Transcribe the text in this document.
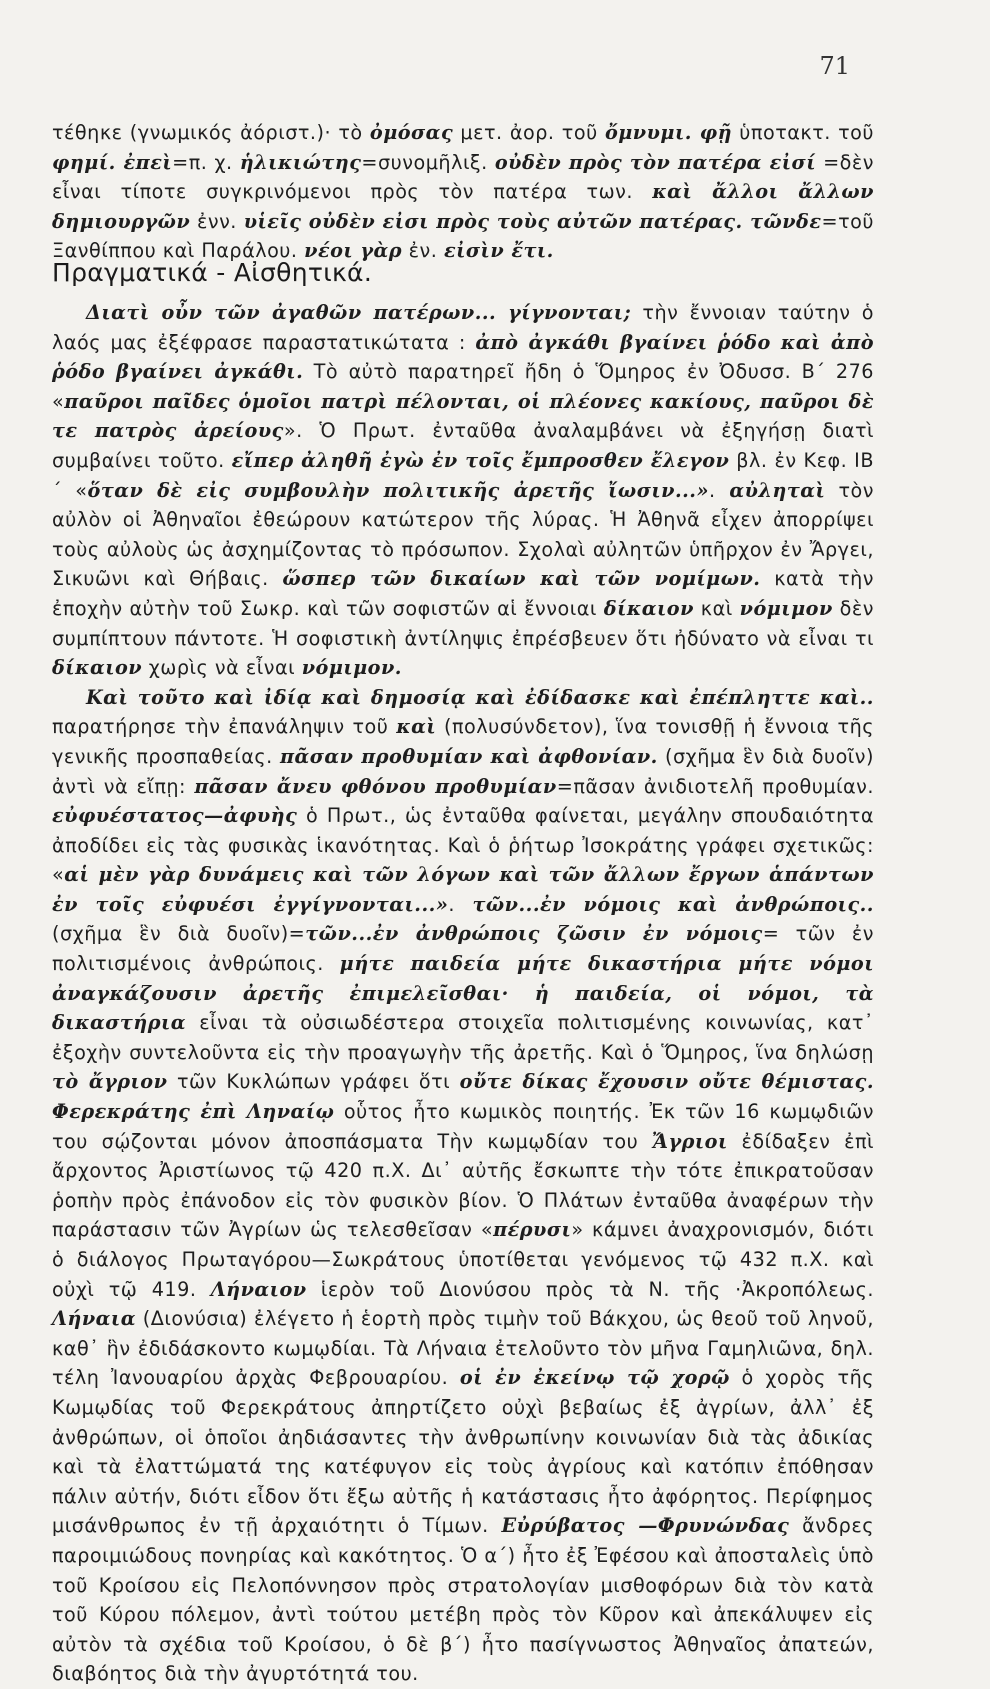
71

τέθηκε (γνωμικός ἀόριστ.)· τὸ ὀμόσας μετ. ἀορ. τοῦ ὄμνυμι. φῇ ὑποτακτ. τοῦ φημί. ἐπεὶ=π. χ. ἡλικιώτης=συνομῆλιξ. οὐδὲν πρὸς τὸν πατέρα εἰσί =δὲν εἶναι τίποτε συγκρινόμενοι πρὸς τὸν πατέρα των. καὶ ἄλλοι ἄλλων δημιουργῶν ἐνν. υἱεῖς οὐδὲν εἰσι πρὸς τοὺς αὐτῶν πατέρας. τῶνδε=τοῦ Ξανθίππου καὶ Παράλου. νέοι γὰρ ἐν. εἰσὶν ἔτι.

Πραγματικά - Αἰσθητικά.

Διατὶ οὖν τῶν ἀγαθῶν πατέρων... γίγνονται; τὴν ἔννοιαν ταύτην ὁ λαός μας ἐξέφρασε παραστατικώτατα : ἀπὸ ἀγκάθι βγαίνει ῥόδο καὶ ἀπὸ ῥόδο βγαίνει ἀγκάθι. Τὸ αὐτὸ παρατηρεῖ ἤδη ὁ Ὅμηρος ἐν Ὀδυσσ. Β´ 276 «παῦροι παῖδες ὁμοῖοι πατρὶ πέλονται, οἱ πλέονες κακίους, παῦροι δὲ τε πατρὸς ἀρείους». Ὁ Πρωτ. ἐνταῦθα ἀναλαμβάνει νὰ ἐξηγήσῃ διατὶ συμβαίνει τοῦτο. εἴπερ ἀληθῆ ἐγὼ ἐν τοῖς ἔμπροσθεν ἔλεγον βλ. ἐν Κεφ. ΙΒ´ «ὅταν δὲ εἰς συμβουλὴν πολιτικῆς ἀρετῆς ἴωσιν...». αὐληταὶ τὸν αὐλὸν οἱ Ἀθηναῖοι ἐθεώρουν κατώτερον τῆς λύρας. Ἡ Ἀθηνᾶ εἶχεν ἀπορρίψει τοὺς αὐλοὺς ὡς ἀσχημίζοντας τὸ πρόσωπον. Σχολαὶ αὐλητῶν ὑπῆρχον ἐν Ἄργει, Σικυῶνι καὶ Θήβαις. ὥσπερ τῶν δικαίων καὶ τῶν νομίμων. κατὰ τὴν ἐποχὴν αὐτὴν τοῦ Σωκρ. καὶ τῶν σοφιστῶν αἱ ἔννοιαι δίκαιον καὶ νόμιμον δὲν συμπίπτουν πάντοτε. Ἡ σοφιστικὴ ἀντίληψις ἐπρέσβευεν ὅτι ἠδύνατο νὰ εἶναι τι δίκαιον χωρὶς νὰ εἶναι νόμιμον.

Καὶ τοῦτο καὶ ἰδίᾳ καὶ δημοσίᾳ καὶ ἐδίδασκε καὶ ἐπέπληττε καὶ.. παρατήρησε τὴν ἐπανάληψιν τοῦ καὶ (πολυσύνδετον), ἵνα τονισθῇ ἡ ἔννοια τῆς γενικῆς προσπαθείας. πᾶσαν προθυμίαν καὶ ἀφθονίαν. (σχῆμα ἓν διὰ δυοῖν) ἀντὶ νὰ εἴπῃ: πᾶσαν ἄνευ φθόνου προθυμίαν=πᾶσαν ἀνιδιοτελῆ προθυμίαν. εὐφυέστατος—ἀφυὴς ὁ Πρωτ., ὡς ἐνταῦθα φαίνεται, μεγάλην σπουδαιότητα ἀποδίδει εἰς τὰς φυσικὰς ἱκανότητας. Καὶ ὁ ῥήτωρ Ἰσοκράτης γράφει σχετικῶς: «αἱ μὲν γὰρ δυνάμεις καὶ τῶν λόγων καὶ τῶν ἄλλων ἔργων ἁπάντων ἐν τοῖς εὐφυέσι ἐγγίγνονται...». τῶν...ἐν νόμοις καὶ ἀνθρώποις.. (σχῆμα ἓν διὰ δυοῖν)=τῶν...ἐν ἀνθρώποις ζῶσιν ἐν νόμοις= τῶν ἐν πολιτισμένοις ἀνθρώποις. μήτε παιδεία μήτε δικαστήρια μήτε νόμοι ἀναγκάζουσιν ἀρετῆς ἐπιμελεῖσθαι· ἡ παιδεία, οἱ νόμοι, τὰ δικαστήρια εἶναι τὰ οὐσιωδέστερα στοιχεῖα πολιτισμένης κοινωνίας, κατ᾽ ἐξοχὴν συντελοῦντα εἰς τὴν προαγωγὴν τῆς ἀρετῆς. Καὶ ὁ Ὅμηρος, ἵνα δηλώσῃ τὸ ἄγριον τῶν Κυκλώπων γράφει ὅτι οὔτε δίκας ἔχουσιν οὔτε θέμιστας. Φερεκράτης ἐπὶ Ληναίῳ οὗτος ἦτο κωμικὸς ποιητής. Ἐκ τῶν 16 κωμῳδιῶν του σῴζονται μόνον ἀποσπάσματα Τὴν κωμῳδίαν του Ἄγριοι ἐδίδαξεν ἐπὶ ἄρχοντος Ἀριστίωνος τῷ 420 π.Χ. Δι᾽ αὐτῆς ἔσκωπτε τὴν τότε ἐπικρατοῦσαν ῥοπὴν πρὸς ἐπάνοδον εἰς τὸν φυσικὸν βίον. Ὁ Πλάτων ἐνταῦθα ἀναφέρων τὴν παράστασιν τῶν Ἀγρίων ὡς τελεσθεῖσαν «πέρυσι» κάμνει ἀναχρονισμόν, διότι ὁ διάλογος Πρωταγόρου—Σωκράτους ὑποτίθεται γενόμενος τῷ 432 π.Χ. καὶ οὐχὶ τῷ 419. Λήναιον ἱερὸν τοῦ Διονύσου πρὸς τὰ Ν. τῆς ·Ἀκροπόλεως. Λήναια (Διονύσια) ἐλέγετο ἡ ἑορτὴ πρὸς τιμὴν τοῦ Βάκχου, ὡς θεοῦ τοῦ ληνοῦ, καθ᾽ ἣν ἐδιδάσκοντο κωμῳδίαι. Τὰ Λήναια ἐτελοῦντο τὸν μῆνα Γαμηλιῶνα, δηλ. τέλη Ἰανουαρίου ἀρχὰς Φεβρουαρίου. οἱ ἐν ἐκείνῳ τῷ χορῷ ὁ χορὸς τῆς Κωμῳδίας τοῦ Φερεκράτους ἀπηρτίζετο οὐχὶ βεβαίως ἐξ ἀγρίων, ἀλλ᾽ ἐξ ἀνθρώπων, οἱ ὁποῖοι ἀηδιάσαντες τὴν ἀνθρωπίνην κοινωνίαν διὰ τὰς ἀδικίας καὶ τὰ ἐλαττώματά της κατέφυγον εἰς τοὺς ἀγρίους καὶ κατόπιν ἐπόθησαν πάλιν αὐτήν, διότι εἶδον ὅτι ἔξω αὐτῆς ἡ κατάστασις ἦτο ἀφόρητος. Περίφημος μισάνθρωπος ἐν τῇ ἀρχαιότητι ὁ Τίμων. Εὐρύβατος —Φρυνώνδας ἄνδρες παροιμιώδους πονηρίας καὶ κακότητος. Ὁ α´) ἦτο ἐξ Ἐφέσου καὶ ἀποσταλεὶς ὑπὸ τοῦ Κροίσου εἰς Πελοπόννησον πρὸς στρατολογίαν μισθοφόρων διὰ τὸν κατὰ τοῦ Κύρου πόλεμον, ἀντὶ τούτου μετέβη πρὸς τὸν Κῦρον καὶ ἀπεκάλυψεν εἰς αὐτὸν τὰ σχέδια τοῦ Κροίσου, ὁ δὲ β´) ἦτο πασίγνωστος Ἀθηναῖος ἀπατεών, διαβόητος διὰ τὴν ἀγυρτότητά του.
